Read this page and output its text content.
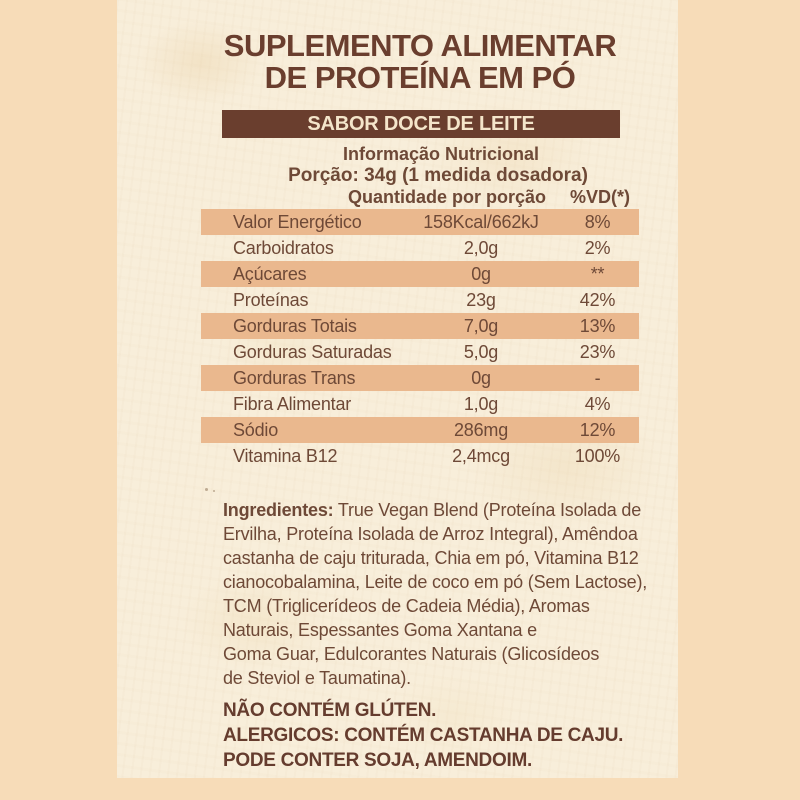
SUPLEMENTO ALIMENTAR
DE PROTEÍNA EM PÓ
SABOR DOCE DE LEITE
Informação Nutricional
Porção: 34g (1 medida dosadora)
Quantidade por porção %VD(*)
Valor Energético	158Kcal/662kJ	8%
Carboidratos	2,0g	2%
Açúcares	0g	**
Proteínas	23g	42%
Gorduras Totais	7,0g	13%
Gorduras Saturadas	5,0g	23%
Gorduras Trans	0g	-
Fibra Alimentar	1,0g	4%
Sódio	286mg	12%
Vitamina B12	2,4mcg	100%

Ingredientes: True Vegan Blend (Proteína Isolada de
Ervilha, Proteína Isolada de Arroz Integral), Amêndoa
castanha de caju triturada, Chia em pó, Vitamina B12
cianocobalamina, Leite de coco em pó (Sem Lactose),
TCM (Triglicerídeos de Cadeia Média), Aromas
Naturais, Espessantes Goma Xantana e
Goma Guar, Edulcorantes Naturais (Glicosídeos
de Steviol e Taumatina).

NÃO CONTÉM GLÚTEN.
ALERGICOS: CONTÉM CASTANHA DE CAJU.
PODE CONTER SOJA, AMENDOIM.
